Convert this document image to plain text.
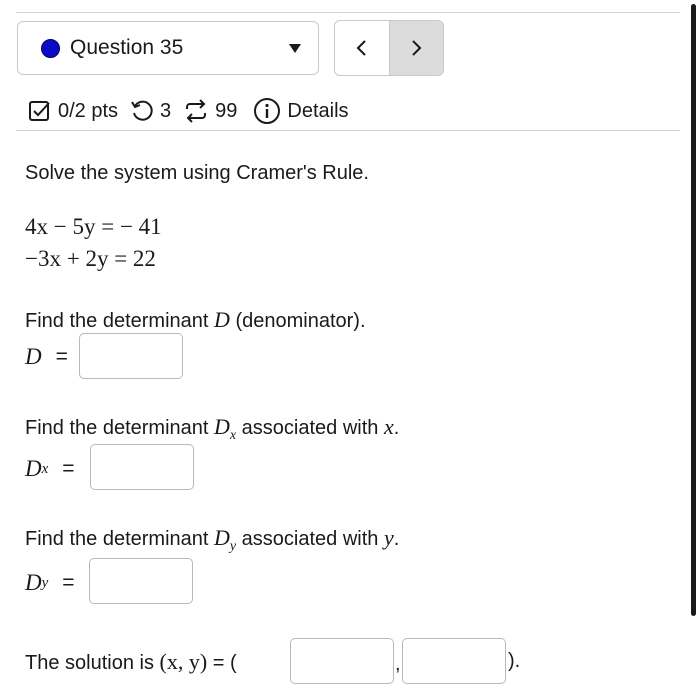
Question 35
0/2 pts 3 99	Details
Solve the system using Cramer's Rule.
4x − 5y = − 41
−3x + 2y = 22
Find the determinant D (denominator).
D =
Find the determinant $D_x$ associated with x.
D x =
Find the determinant $D_y$ associated with y.
D y =
The solution is (x, y) = (	,	).
